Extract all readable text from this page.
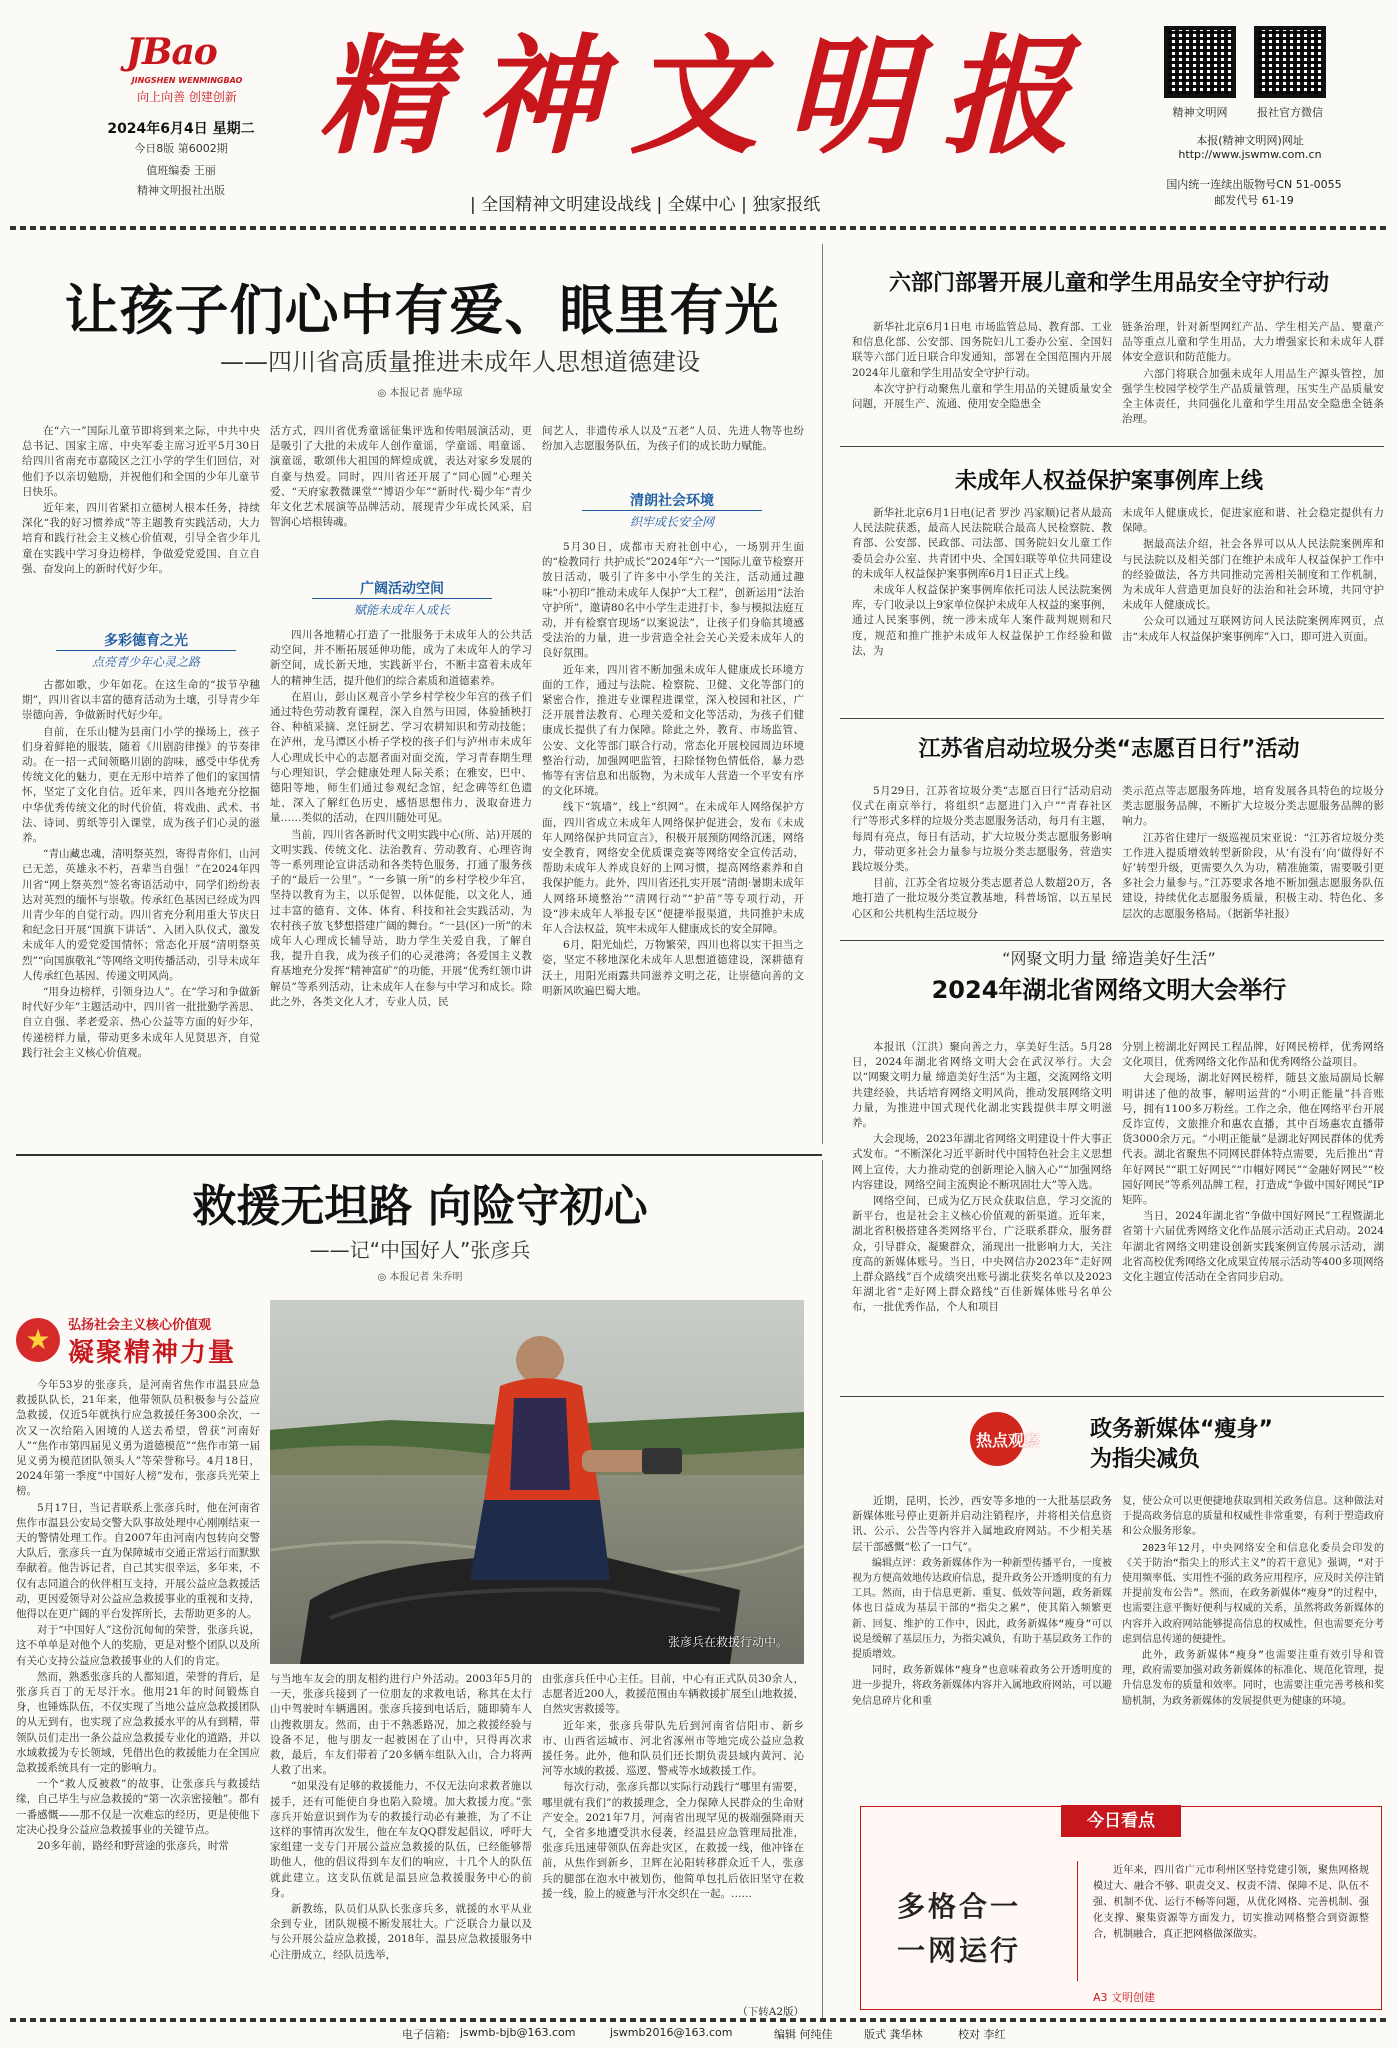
JBao
JINGSHEN WENMINGBAO
向上向善 创建创新
2024年6月4日 星期二
今日8版 第6002期
值班编委 王丽
精神文明报社出版
精神文明报
| 全国精神文明建设战线 | 全媒中心 | 独家报纸
精神文明网	报社官方微信
本报(精神文明网)网址
http://www.jswmw.com.cn
国内统一连续出版物号CN 51-0055
邮发代号 61-19
让孩子们心中有爱、眼里有光
——四川省高质量推进未成年人思想道德建设
◎ 本报记者 施华琼

在“六一”国际儿童节即将到来之际，中共中央总书记、国家主席、中央军委主席习近平5月30日给四川省南充市嘉陵区之江小学的学生们回信，对他们予以亲切勉励，并祝他们和全国的少年儿童节日快乐。

近年来，四川省紧扣立德树人根本任务，持续深化“我的好习惯养成”等主题教育实践活动，大力培育和践行社会主义核心价值观，引导全省少年儿童在实践中学习身边榜样，争做爱党爱国、自立自强、奋发向上的新时代好少年。

多彩德育之光
点亮青少年心灵之路

古都如歌，少年如花。在这生命的“拔节孕穗期”，四川省以丰富的德育活动为土壤，引导青少年崇德向善，争做新时代好少年。

自前，在乐山犍为县南门小学的操场上，孩子们身着鲜艳的服装，随着《川剧韵律操》的节奏律动。在一招一式间领略川剧的韵味，感受中华优秀传统文化的魅力，更在无形中培养了他们的家国情怀，坚定了文化自信。近年来，四川各地充分挖掘中华优秀传统文化的时代价值，将戏曲、武术、书法、诗词、剪纸等引入课堂，成为孩子们心灵的滋养。

“青山藏忠魂，清明祭英烈，寄得青你们，山河已无恙，英雄永不朽，吾辈当自强！”在2024年四川省“网上祭英烈”签名寄语活动中，同学们纷纷表达对英烈的缅怀与崇敬。传承红色基因已经成为四川青少年的自觉行动。四川省充分利用重大节庆日和纪念日开展“国旗下讲话”、入团入队仪式，激发未成年人的爱党爱国情怀；常态化开展“清明祭英烈”“向国旗敬礼”等网络文明传播活动，引导未成年人传承红色基因、传递文明风尚。

“用身边榜样，引领身边人”。在“学习和争做新时代好少年”主题活动中，四川省一批批勤学善思、自立自强、孝老爱亲、热心公益等方面的好少年，传递榜样力量，带动更多未成年人见贤思齐，自觉践行社会主义核心价值观。

活方式，四川省优秀童谣征集评选和传唱展演活动，更是吸引了大批的未成年人创作童谣，学童谣、唱童谣、演童谣，歌颂伟大祖国的辉煌成就，表达对家乡发展的自豪与热爱。同时，四川省还开展了“同心圆”心理关爱、“天府家教微课堂”“博语少年”“新时代·蜀少年”青少年文化艺术展演等品牌活动，展现青少年成长风采，启智润心培根铸魂。

广阔活动空间
赋能未成年人成长

四川各地精心打造了一批服务于未成年人的公共活动空间，并不断拓展延伸功能，成为了未成年人的学习新空间，成长新天地，实践新平台，不断丰富着未成年人的精神生活，提升他们的综合素质和道德素养。

在眉山，彭山区观音小学乡村学校少年宫的孩子们通过特色劳动教育课程，深入自然与田园，体验插秧打谷、种植采摘、烹饪厨艺、学习农耕知识和劳动技能；在泸州，龙马潭区小桥子学校的孩子们与泸州市未成年人心理成长中心的志愿者面对面交流，学习青春期生理与心理知识，学会健康处理人际关系；在雅安，巴中、德阳等地，师生们通过参观纪念馆，纪念碑等红色遗址，深入了解红色历史，感悟思想伟力，汲取奋进力量……类似的活动，在四川随处可见。

当前，四川省各新时代文明实践中心(所、站)开展的文明实践、传统文化、法治教育、劳动教育、心理咨询等一系列理论宣讲活动和各类特色服务，打通了服务孩子的“最后一公里”。“一乡镇一所”的乡村学校少年宫，坚持以教育为主，以乐促智，以体促能，以文化人，通过丰富的德育、文体、体育、科技和社会实践活动，为农村孩子放飞梦想搭建广阔的舞台。“一县(区)一所”的未成年人心理成长辅导站，助力学生关爱自我，了解自我，提升自我，成为孩子们的心灵港湾；各爱国主义教育基地充分发挥“精神富矿”的功能，开展“优秀红领巾讲解员”等系列活动，让未成年人在参与中学习和成长。除此之外，各类文化人才，专业人员，民

间艺人，非遗传承人以及“五老”人员、先进人物等也纷纷加入志愿服务队伍，为孩子们的成长助力赋能。

清朗社会环境
织牢成长安全网

5月30日，成都市天府社创中心，一场别开生面的“检教同行 共护成长”2024年“六一”国际儿童节检察开放日活动，吸引了许多中小学生的关注，活动通过趣味“小初印”推动未成年人保护“大工程”，创新运用“法治守护所”，邀请80名中小学生走进打卡，参与模拟法庭互动，并有检察官现场“以案说法”，让孩子们身临其境感受法治的力量，进一步营造全社会关心关爱未成年人的良好氛围。

近年来，四川省不断加强未成年人健康成长环境方面的工作，通过与法院、检察院、卫健、文化等部门的紧密合作，推进专业课程进课堂，深入校园和社区，广泛开展普法教育、心理关爱和文化等活动，为孩子们健康成长提供了有力保障。除此之外，教育、市场监管、公安、文化等部门联合行动，常态化开展校园周边环境整治行动，加强网吧监管，扫除怪物色情低俗，暴力恐怖等有害信息和出版物，为未成年人营造一个平安有序的文化环境。

线下“筑墙”，线上“织网”。在未成年人网络保护方面，四川省成立未成年人网络保护促进会，发布《未成年人网络保护共同宣言》，积极开展预防网络沉迷，网络安全教育，网络安全优质课竞赛等网络安全宣传活动，帮助未成年人养成良好的上网习惯，提高网络素养和自我保护能力。此外，四川省还扎实开展“清朗·暑期未成年人网络环境整治”“清网行动”“护苗”等专项行动，开设“涉未成年人举报专区”便捷举报渠道，共同推护未成年人合法权益，筑牢未成年人健康成长的安全屏障。

6月，阳光灿烂，万物繁荣，四川也将以实干担当之姿，坚定不移地深化未成年人思想道德建设，深耕德育沃土，用阳光雨露共同滋养文明之花，让崇德向善的文明新风吹遍巴蜀大地。

六部门部署开展儿童和学生用品安全守护行动

新华社北京6月1日电 市场监管总局、教育部、工业和信息化部、公安部、国务院妇儿工委办公室、全国妇联等六部门近日联合印发通知，部署在全国范围内开展2024年儿童和学生用品安全守护行动。

本次守护行动聚焦儿童和学生用品的关键质量安全问题，开展生产、流通、使用安全隐患全

链条治理，针对新型网红产品、学生相关产品、婴童产品等重点儿童和学生用品，大力增强家长和未成年人群体安全意识和防范能力。

六部门将联合加强未成年人用品生产源头管控，加强学生校园学校学生产品质量管理，压实生产品质量安全主体责任，共同强化儿童和学生用品安全隐患全链条治理。

未成年人权益保护案事例库上线

新华社北京6月1日电(记者 罗沙 冯家顺)记者从最高人民法院获悉，最高人民法院联合最高人民检察院、教育部、公安部、民政部、司法部、国务院妇女儿童工作委员会办公室、共青团中央、全国妇联等单位共同建设的未成年人权益保护案事例库6月1日正式上线。

未成年人权益保护案事例库依托司法人民法院案例库，专门收录以上9家单位保护未成年人权益的案事例，通过人民案事例，统一涉未成年人案件裁判规则和尺度，规范和推广推护未成年人权益保护工作经验和做法，为

未成年人健康成长，促进家庭和谐、社会稳定提供有力保障。

据最高法介绍，社会各界可以从人民法院案例库和与民法院以及相关部门在维护未成年人权益保护工作中的经验做法，各方共同推动完善相关制度和工作机制，为未成年人营造更加良好的法治和社会环境，共同守护未成年人健康成长。

公众可以通过互联网访问人民法院案例库网页，点击“未成年人权益保护案事例库”入口，即可进入页面。

江苏省启动垃圾分类“志愿百日行”活动

5月29日，江苏省垃圾分类“志愿百日行”活动启动仪式在南京举行，将组织“志愿进门入户”“青春社区行”等形式多样的垃圾分类志愿服务活动，每月有主题，每周有亮点，每日有活动，扩大垃圾分类志愿服务影响力，带动更多社会力量参与垃圾分类志愿服务，营造实践垃圾分类。

目前，江苏全省垃圾分类志愿者总人数超20万，各地打造了一批垃圾分类宣教基地，科普场馆，以五星民心区和公共机构生活垃圾分

类示范点等志愿服务阵地，培育发展各具特色的垃圾分类志愿服务品牌，不断扩大垃圾分类志愿服务品牌的影响力。

江苏省住建厅一级巡视员宋亚说：“江苏省垃圾分类工作进入提质增效转型新阶段，从‘有没有’向‘做得好不好’转型升级，更需要久久为功，精准施策，需要吸引更多社会力量参与。”江苏要求各地不断加强志愿服务队伍建设，持续优化志愿服务质量，积极主动、特色化、多层次的志愿服务格局。（据新华社报）

“网聚文明力量 缔造美好生活”
2024年湖北省网络文明大会举行

本报讯（江洪）聚向善之力，享美好生活。5月28日，2024年湖北省网络文明大会在武汉举行。大会以“网聚文明力量 缔造美好生活”为主题，交流网络文明共建经验，共话培育网络文明风尚，推动发展网络文明力量，为推进中国式现代化湖北实践提供丰厚文明滋养。

大会现场，2023年湖北省网络文明建设十件大事正式发布。“不断深化习近平新时代中国特色社会主义思想网上宣传，大力推动党的创新理论入脑入心”“加强网络内容建设，网络空间主流舆论不断巩固壮大”等入选。

网络空间，已成为亿万民众获取信息，学习交流的新平台，也是社会主义核心价值观的新渠道。近年来，湖北省积极搭建各类网络平台，广泛联系群众，服务群众，引导群众，凝聚群众，涌现出一批影响力大，关注度高的新媒体账号。当日，中央网信办2023年“走好网上群众路线”百个成绩突出账号湖北获奖名单以及2023年湖北省“走好网上群众路线”百佳新媒体账号名单公布，一批优秀作品，个人和项目

分别上榜湖北好网民工程品牌，好网民榜样，优秀网络文化项目，优秀网络文化作品和优秀网络公益项目。

大会现场，湖北好网民榜样，随县文旅局副局长解明讲述了他的故事，解明运营的“小明正能量”抖音账号，拥有1100多万粉丝。工作之余，他在网络平台开展反诈宣传，文旅推介和惠农直播，其中百场惠农直播带货3000余万元。“小明正能量”是湖北好网民群体的优秀代表。湖北省聚焦不同网民群体特点需要，先后推出“青年好网民”“职工好网民”“巾帼好网民”“金融好网民”“校园好网民”等系列品牌工程，打造成“争做中国好网民”IP矩阵。

当日，2024年湖北省“争做中国好网民”工程暨湖北省第十六届优秀网络文化作品展示活动正式启动。2024年湖北省网络文明建设创新实践案例宣传展示活动，湖北省高校优秀网络文化成果宣传展示活动等400多项网络文化主题宣传活动在全省同步启动。

救援无坦路 向险守初心
——记“中国好人”张彦兵
◎ 本报记者 朱乔明
★	弘扬社会主义核心价值观
凝聚精神力量

今年53岁的张彦兵，是河南省焦作市温县应急救援队队长，21年来，他带领队员积极参与公益应急救援，仅近5年就执行应急救援任务300余次，一次又一次给陷入困境的人送去希望，曾获“河南好人”“焦作市第四届见义勇为道德模范”“焦作市第一届见义勇为模范团队领头人”等荣誉称号。4月18日，2024年第一季度“中国好人榜”发布，张彦兵光荣上榜。

5月17日，当记者联系上张彦兵时，他在河南省焦作市温县公安局交警大队事故处理中心刚刚结束一天的警情处理工作。自2007年由河南内包转向交警大队后，张彦兵一直为保障城市交通正常运行而默默奉献着。他告诉记者，自己其实很幸运，多年来，不仅有志同道合的伙伴相互支持，开展公益应急救援活动，更因爱领导对公益应急救援事业的重视和支持，他得以在更广阔的平台发挥所长，去帮助更多的人。

对于“中国好人”这份沉甸甸的荣誉，张彦兵说，这不单单是对他个人的奖励，更是对整个团队以及所有关心支持公益应急救援事业的人们的肯定。

然而，熟悉张彦兵的人都知道，荣誉的背后，是张彦兵百丁的无尽汗水。他用21年的时间锻炼自身，也锤炼队伍，不仅实现了当地公益应急救援团队的从无到有，也实现了应急救援水平的从有到精，带领队员们走出一条公益应急救援专业化的道路，并以水域救援为专长领域，凭借出色的救援能力在全国应急救援系统具有一定的影响力。

一个“救人反被救”的故事，让张彦兵与救援结缘，自己毕生与应急救援的“第一次亲密接触”。都有一番感慨——那不仅是一次难忘的经历，更是使他下定决心投身公益应急救援事业的关键节点。

20多年前，路经和野营途的张彦兵，时常

张彦兵在救援行动中。

与当地车友会的朋友相约进行户外活动。2003年5月的一天，张彦兵接到了一位朋友的求救电话，称其在太行山中驾驶时车辆遇困。张彦兵接到电话后，随即骑车人山搜救朋友。然而，由于不熟悉路况，加之救援经验与设备不足，他与朋友一起被困在了山中，只得再次求救，最后，车友们带着了20多辆车组队入山，合力将两人救了出来。

“如果没有足够的救援能力，不仅无法向求救者施以援手，还有可能使自身也陷入险境。加大救援力度。”张彦兵开始意识到作为专的救援行动必有兼推，为了不让这样的事情再次发生，他在车友QQ群发起倡议，呼吁大家组建一支专门开展公益应急救援的队伍，已经能够帮助他人，他的倡议得到车友们的响应，十几个人的队伍就此建立。这支队伍就是温县应急救援服务中心的前身。

新教练，队员们从队长张彦兵多，就援的水平从业余到专业，团队规模不断发展壮大。广泛联合力量以及与公开展公益应急救援，2018年，温县应急救援服务中心注册成立，经队员选举，

由张彦兵任中心主任。目前，中心有正式队员30余人，志愿者近200人，救援范围由车辆救援扩展至山地救援，自然灾害救援等。

近年来，张彦兵带队先后到河南省信阳市、新乡市、山西省运城市、河北省涿州市等地完成公益应急救援任务。此外，他和队员们还长期负责县域内黄河、沁河等水域的救援、巡逻、警戒等水域救援工作。

每次行动，张彦兵都以实际行动践行“哪里有需要，哪里就有我们”的救援理念，全力保障人民群众的生命财产安全。2021年7月，河南省出现罕见的极端强降雨天气，全省多地遭受洪水侵袭，经温县应急管理局批准，张彦兵迅速带领队伍奔赴灾区，在救援一线，他冲锋在前，从焦作到新乡，卫辉在沁阳转移群众近千人，张彦兵的腿部在泡水中被划伤，他简单包扎后依旧坚守在救援一线，脸上的疲惫与汗水交织在一起。……

（下转A2版）
热点观察 政务新媒体“瘦身”
为指尖减负

近期，昆明，长沙，西安等多地的一大批基层政务新媒体账号停止更新并启动注销程序，并将相关信息资讯、公示、公告等内容并入属地政府网站。不少相关基层干部感慨“松了一口气”。

编辑点评：政务新媒体作为一种新型传播平台，一度被视为方便高效地传达政府信息，提升政务公开透明度的有力工具。然而，由于信息更新、重复、低效等问题，政务新媒体也日益成为基层干部的“指尖之累”，使其陷入频繁更新、回复、维护的工作中，因此，政务新媒体“瘦身”可以说是缓解了基层压力，为指尖减负，有助于基层政务工作的提质增效。

同时，政务新媒体“瘦身”也意味着政务公开透明度的进一步提升，将政务新媒体内容并入属地政府网站，可以避免信息碎片化和重

复，使公众可以更便捷地获取到相关政务信息。这种做法对于提高政务信息的质量和权威性非常重要，有利于塑造政府和公众服务形象。

2023年12月，中央网络安全和信息化委员会印发的《关于防治“指尖上的形式主义”的若干意见》强调，“对于使用频率低、实用性不强的政务应用程序，应及时关停注销并提前发布公告”。然而，在政务新媒体“瘦身”的过程中，也需要注意平衡好便利与权威的关系，虽然将政务新媒体的内容并入政府网站能够提高信息的权威性，但也需要充分考虑到信息传递的便捷性。

此外，政务新媒体“瘦身”也需要注重有效引导和管理，政府需要加强对政务新媒体的标准化、规范化管理，提升信息发布的质量和效率。同时，也需要注重完善考核和奖励机制，为政务新媒体的发展提供更为健康的环境。

今日看点
多格合一
一网运行
近年来，四川省广元市利州区坚持党建引领，聚焦网格规模过大、融合不够、职责交叉、权责不清、保障不足、队伍不强、机制不优、运行不畅等问题，从优化网格、完善机制、强化支撑、聚集资源等方面发力，切实推动网格整合到资源整合，机制融合，真正把网格做深做实。
A3 文明创建
电子信箱: jswmb-bjb@163.com	jswmb2016@163.com	编辑 何纯佳	版式 龚华林	校对 李红
